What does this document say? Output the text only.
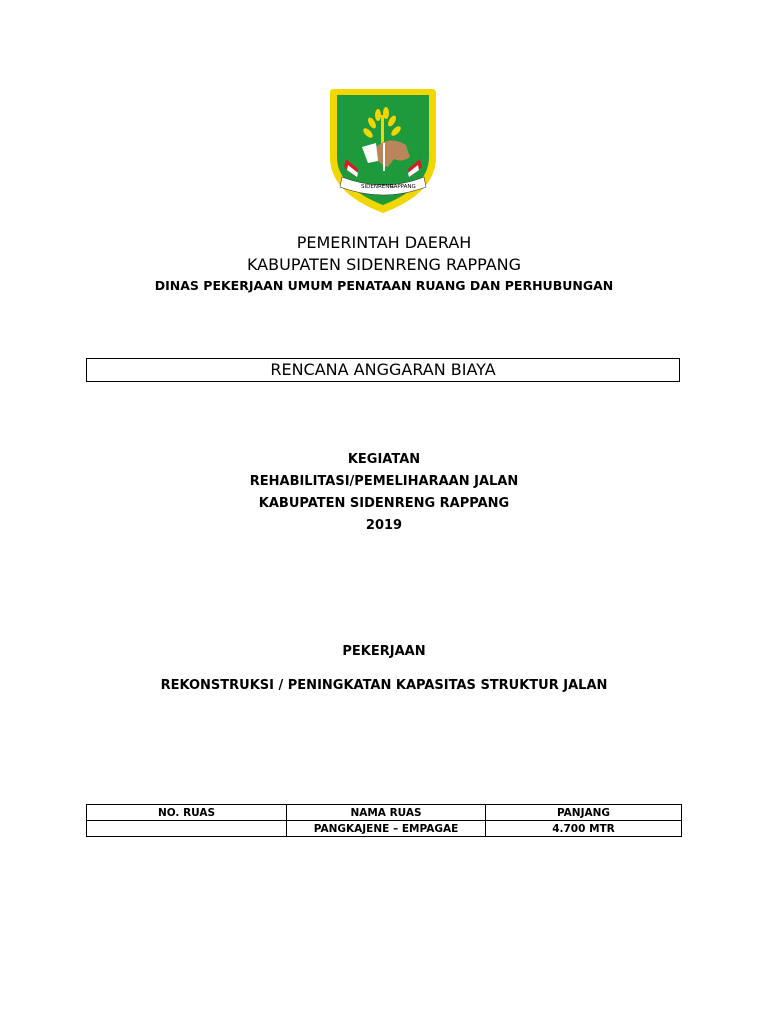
SIDENRENG
RAPPANG
PEMERINTAH DAERAH
KABUPATEN SIDENRENG RAPPANG
DINAS PEKERJAAN UMUM PENATAAN RUANG DAN PERHUBUNGAN
RENCANA ANGGARAN BIAYA
KEGIATAN
REHABILITASI/PEMELIHARAAN JALAN
KABUPATEN SIDENRENG RAPPANG
2019
PEKERJAAN
REKONSTRUKSI / PENINGKATAN KAPASITAS STRUKTUR JALAN
NO. RUAS	NAMA RUAS	PANJANG
	PANGKAJENE – EMPAGAE	4.700 MTR
